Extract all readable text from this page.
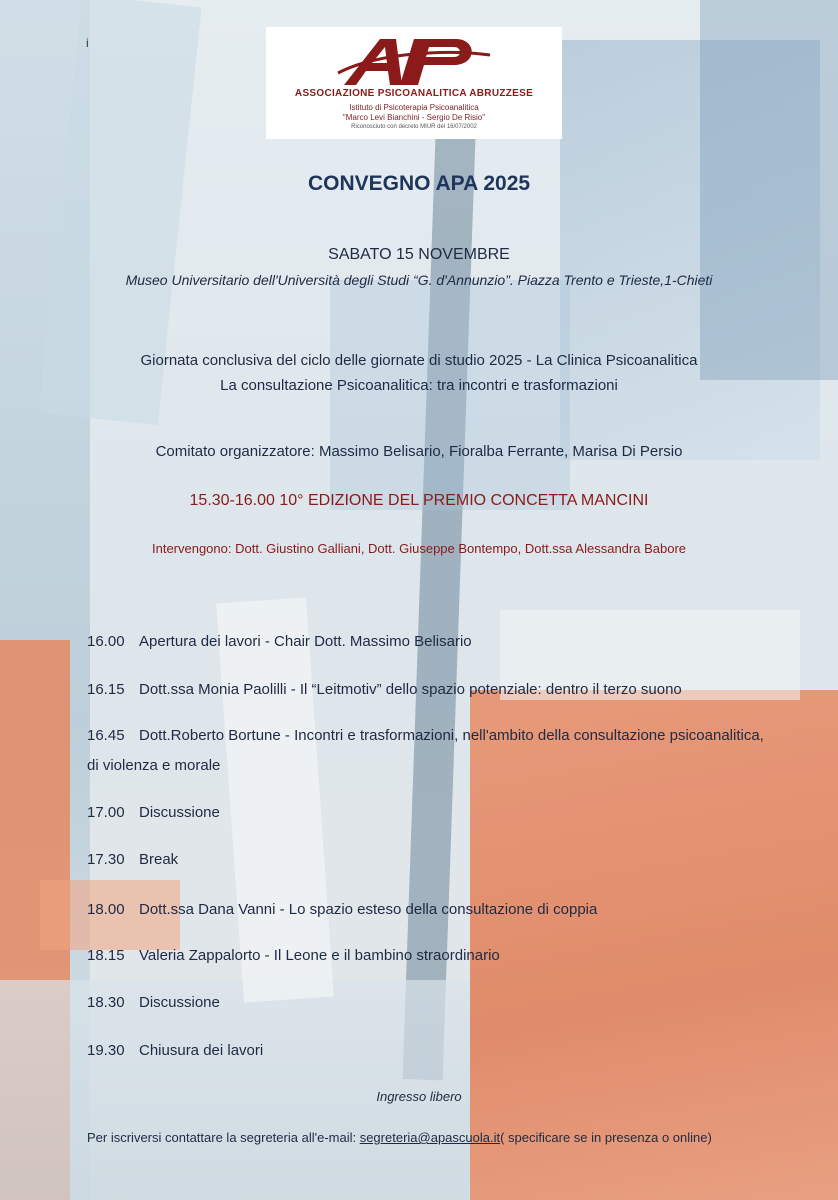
i
ASSOCIAZIONE PSICOANALITICA ABRUZZESE
Istituto di Psicoterapia Psicoanalitica
"Marco Levi Bianchini - Sergio De Risio"
Riconosciuto con decreto MIUR del 16/07/2002
CONVEGNO APA 2025
SABATO 15 NOVEMBRE
Museo Universitario dell'Università degli Studi “G. d'Annunzio”. Piazza Trento e Trieste,1-Chieti
Giornata conclusiva del ciclo delle giornate di studio 2025 - La Clinica Psicoanalitica
La consultazione Psicoanalitica: tra incontri e trasformazioni
Comitato organizzatore: Massimo Belisario, Fioralba Ferrante, Marisa Di Persio
15.30-16.00 10° EDIZIONE DEL PREMIO CONCETTA MANCINI
Intervengono: Dott. Giustino Galliani, Dott. Giuseppe Bontempo, Dott.ssa Alessandra Babore
16.00 Apertura dei lavori - Chair Dott. Massimo Belisario
16.15 Dott.ssa Monia Paolilli - Il “Leitmotiv” dello spazio potenziale: dentro il terzo suono
16.45 Dott.Roberto Bortune - Incontri e trasformazioni, nell'ambito della consultazione psicoanalitica,
di violenza e morale
17.00 Discussione
17.30 Break
18.00 Dott.ssa Dana Vanni - Lo spazio esteso della consultazione di coppia
18.15 Valeria Zappalorto - Il Leone e il bambino straordinario
18.30 Discussione
19.30 Chiusura dei lavori
Ingresso libero
Per iscriversi contattare la segreteria all'e-mail: segreteria@apascuola.it( specificare se in presenza o online)
